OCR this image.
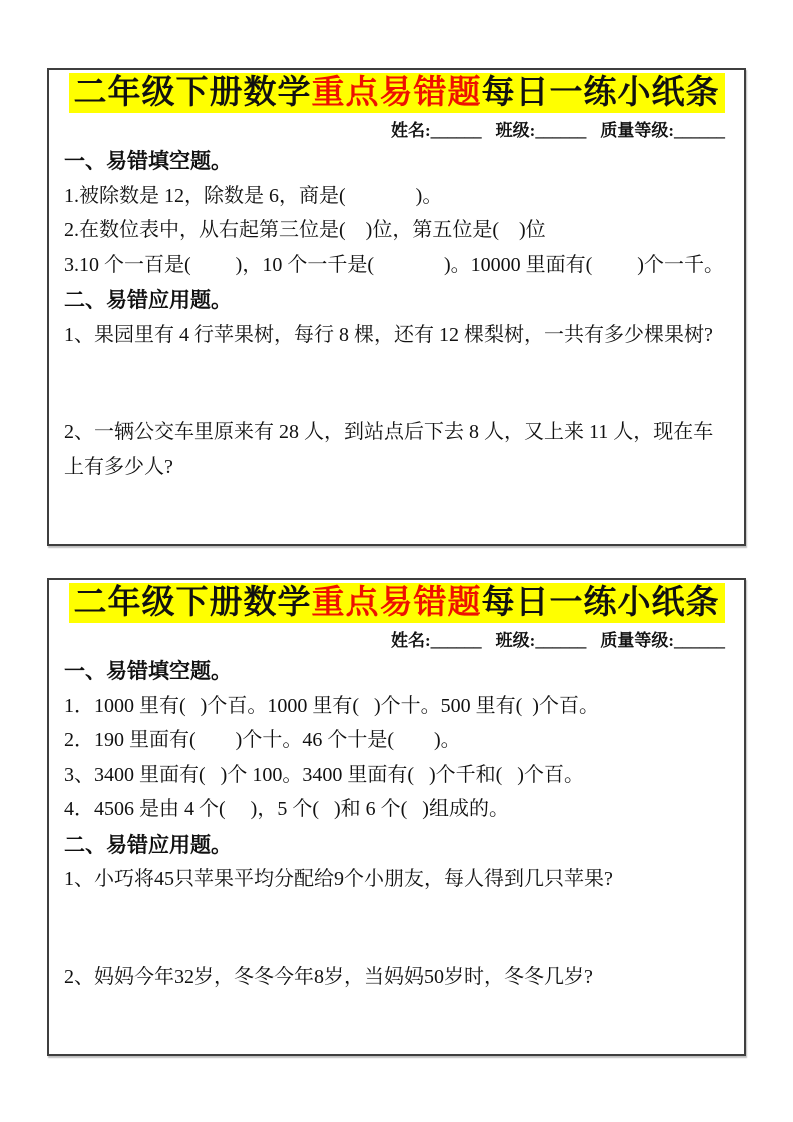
二年级下册数学重点易错题每日一练小纸条
姓名:______ 班级:______ 质量等级:______
一、易错填空题。

1.被除数是 12，除数是 6，商是(              )。

2.在数位表中，从右起第三位是(    )位，第五位是(    )位

3.10 个一百是(         )，10 个一千是(              )。10000 里面有(         )个一千。

二、易错应用题。

1、果园里有 4 行苹果树，每行 8 棵，还有 12 棵梨树，一共有多少棵果树?

2、一辆公交车里原来有 28 人，到站点后下去 8 人，又上来 11 人，现在车上有多少人?

二年级下册数学重点易错题每日一练小纸条
姓名:______ 班级:______ 质量等级:______
一、易错填空题。

1．1000 里有(   )个百。1000 里有(   )个十。500 里有(  )个百。

2．190 里面有(        )个十。46 个十是(        )。

3、3400 里面有(   )个 100。3400 里面有(   )个千和(   )个百。

4．4506 是由 4 个(     )，5 个(   )和 6 个(   )组成的。

二、易错应用题。

1、小巧将45只苹果平均分配给9个小朋友，每人得到几只苹果?

2、妈妈今年32岁，冬冬今年8岁，当妈妈50岁时，冬冬几岁?
